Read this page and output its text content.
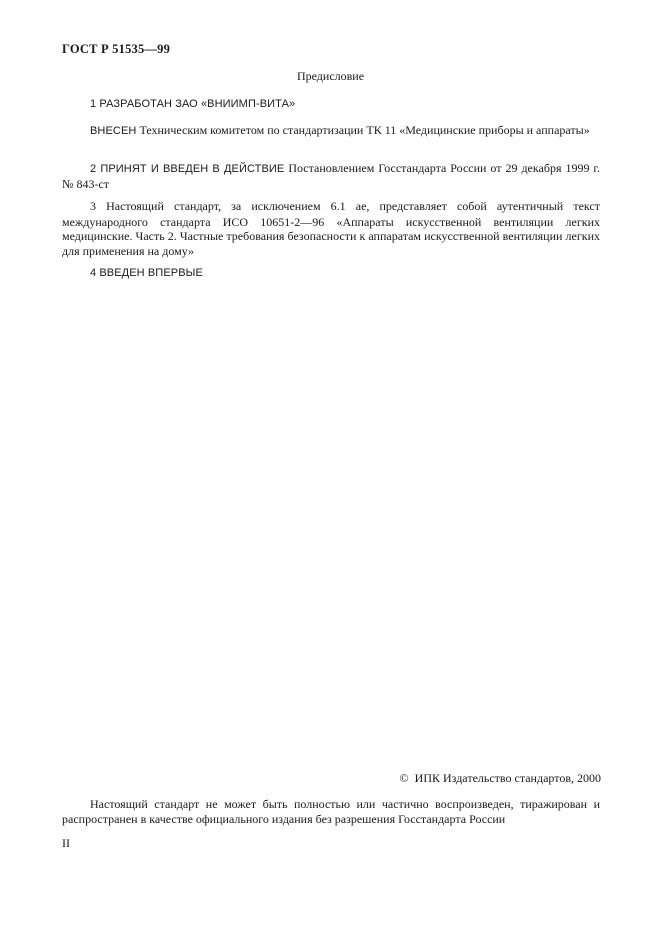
ГОСТ Р 51535—99
Предисловие

1 РАЗРАБОТАН ЗАО «ВНИИМП-ВИТА»

ВНЕСЕН Техническим комитетом по стандартизации ТК 11 «Медицинские приборы и аппараты»

2 ПРИНЯТ И ВВЕДЕН В ДЕЙСТВИЕ Постановлением Госстандарта России от 29 декабря 1999 г. № 843-ст

3 Настоящий стандарт, за исключением 6.1 ае, представляет собой аутентичный текст международного стандарта ИСО 10651-2—96 «Аппараты искусственной вентиляции легких медицинские. Часть 2. Частные требования безопасности к аппаратам искусственной вентиляции легких для применения на дому»

4 ВВЕДЕН ВПЕРВЫЕ

© ИПК Издательство стандартов, 2000

Настоящий стандарт не может быть полностью или частично воспроизведен, тиражирован и распространен в качестве официального издания без разрешения Госстандарта России

II
